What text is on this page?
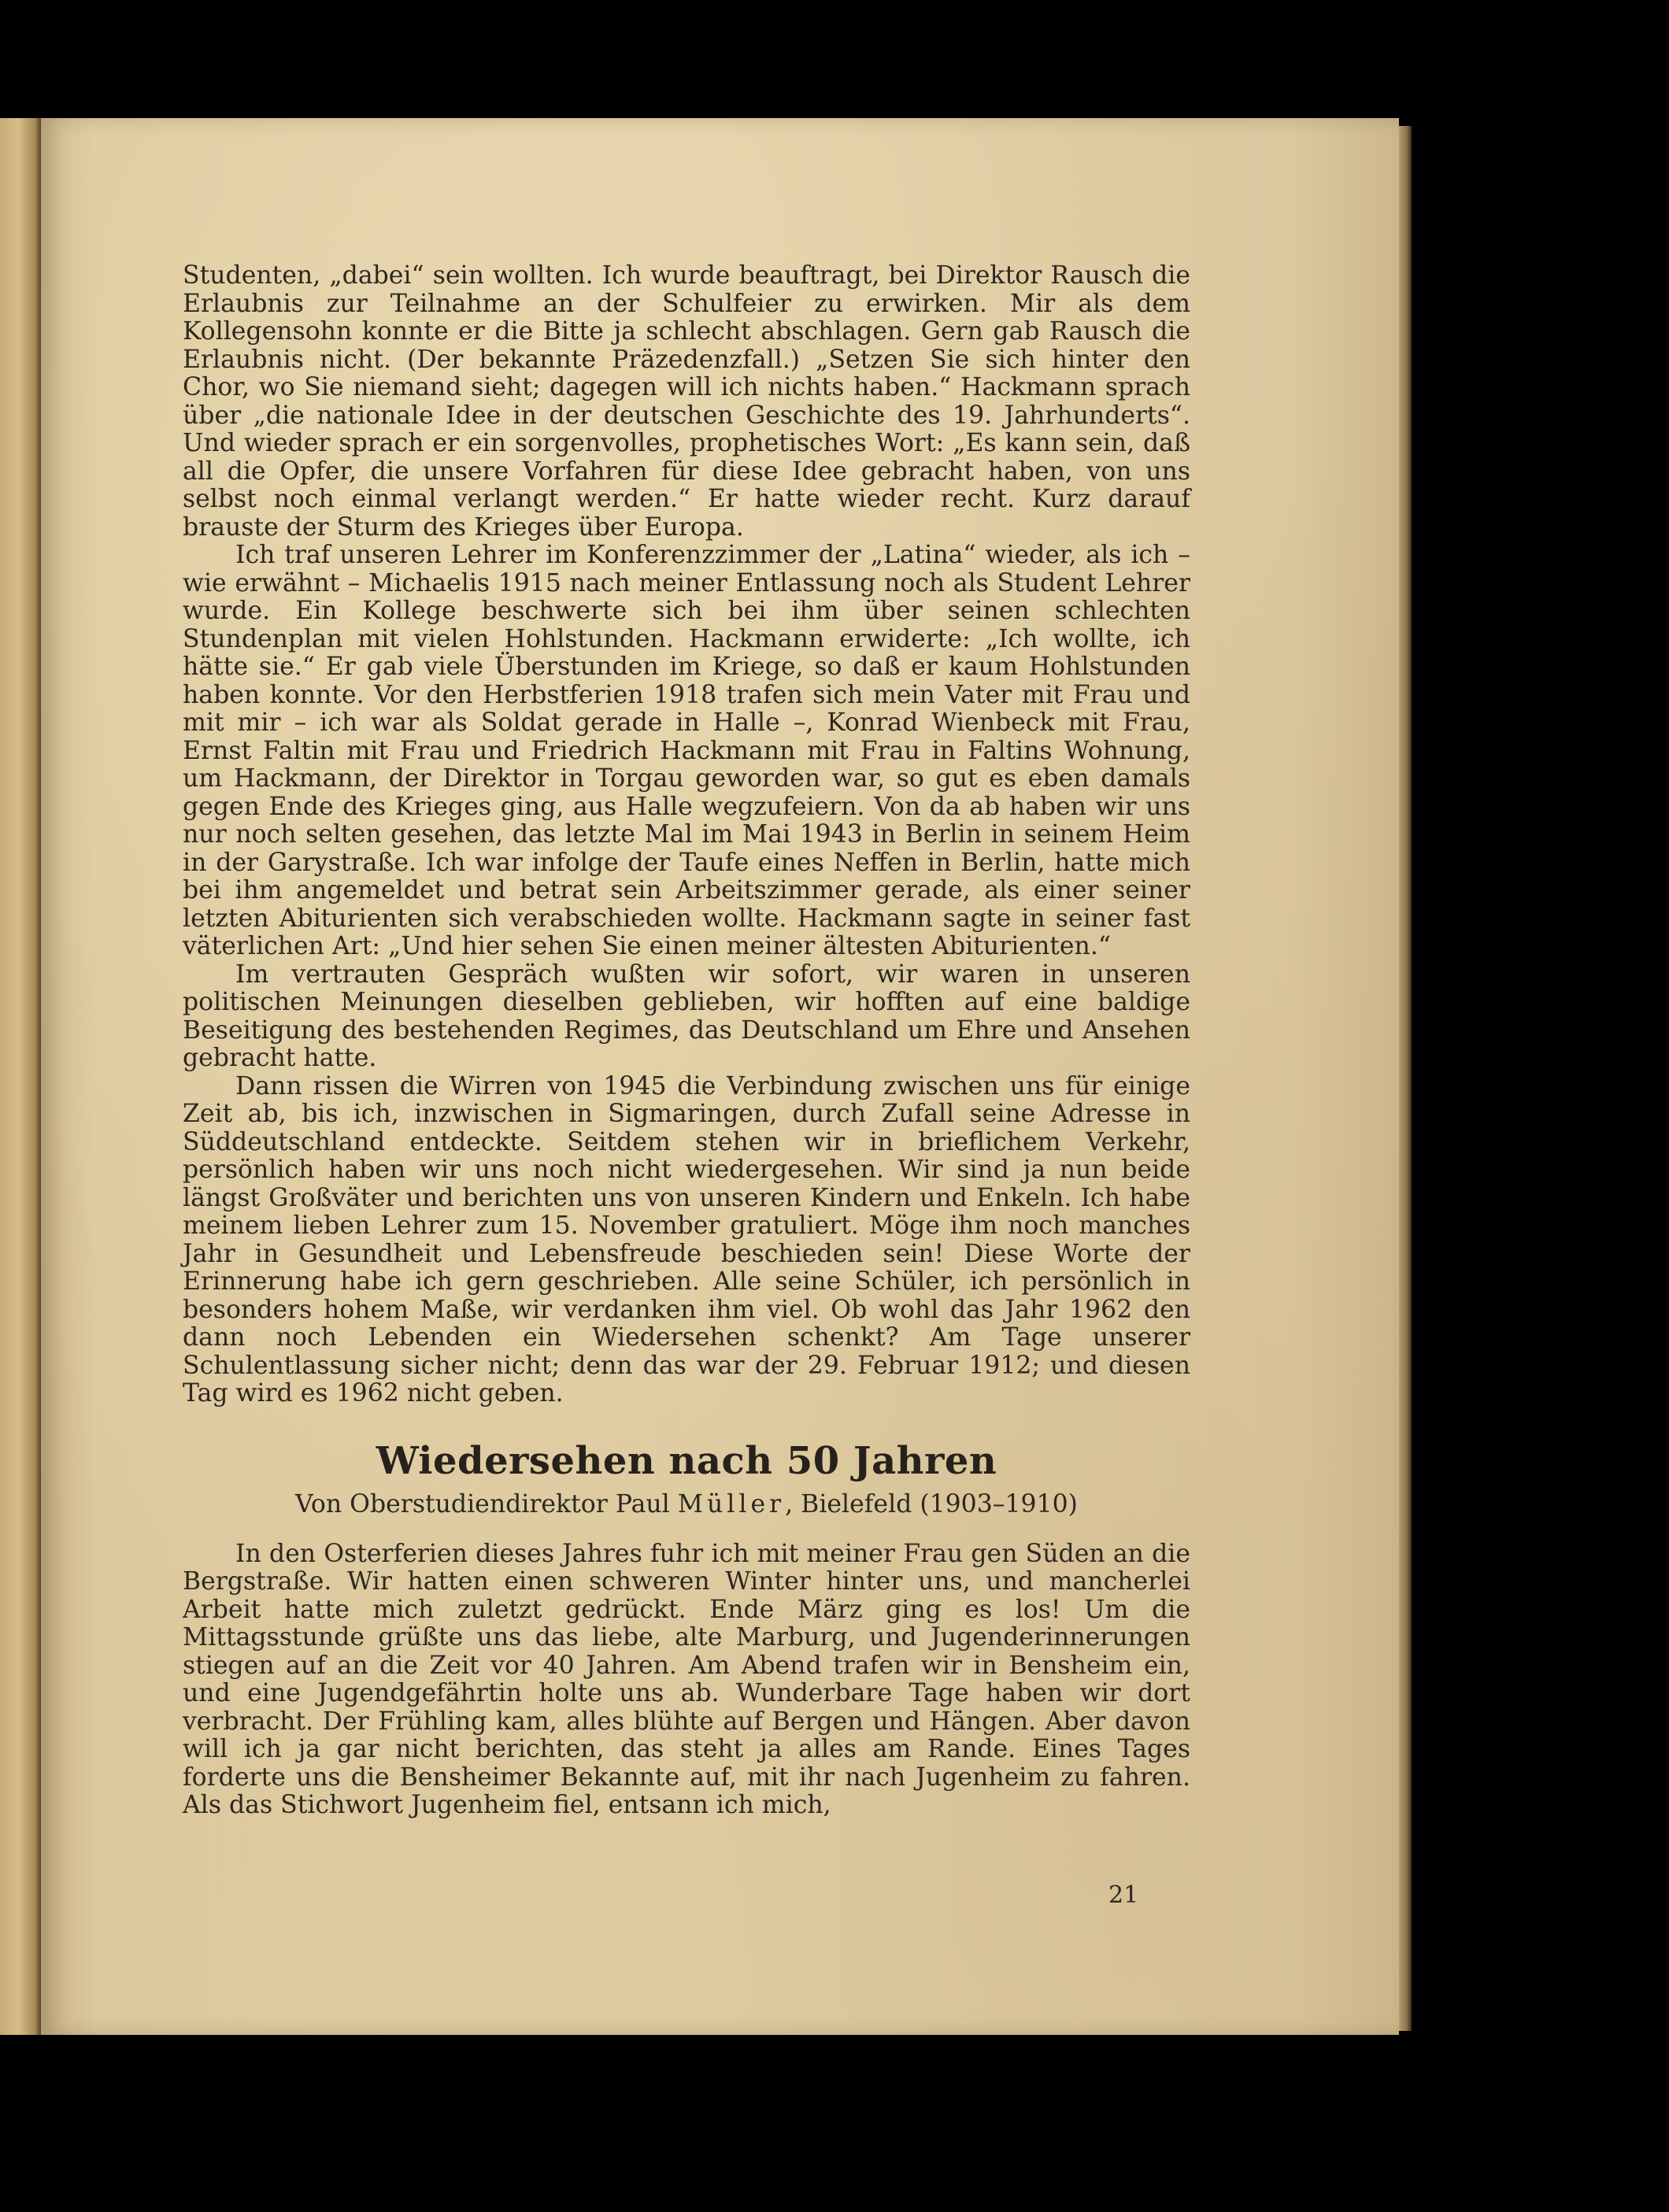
Studenten, „dabei“ sein wollten. Ich wurde beauftragt, bei Direktor Rausch die Erlaubnis zur Teilnahme an der Schulfeier zu erwirken. Mir als dem Kollegensohn konnte er die Bitte ja schlecht abschlagen. Gern gab Rausch die Erlaubnis nicht. (Der bekannte Präzedenzfall.) „Setzen Sie sich hinter den Chor, wo Sie niemand sieht; dagegen will ich nichts haben.“ Hackmann sprach über „die nationale Idee in der deutschen Geschichte des 19. Jahrhunderts“. Und wieder sprach er ein sorgenvolles, prophetisches Wort: „Es kann sein, daß all die Opfer, die unsere Vorfahren für diese Idee gebracht haben, von uns selbst noch einmal verlangt werden.“ Er hatte wieder recht. Kurz darauf brauste der Sturm des Krieges über Europa.

Ich traf unseren Lehrer im Konferenzzimmer der „Latina“ wieder, als ich – wie erwähnt – Michaelis 1915 nach meiner Entlassung noch als Student Lehrer wurde. Ein Kollege beschwerte sich bei ihm über seinen schlechten Stundenplan mit vielen Hohlstunden. Hackmann erwiderte: „Ich wollte, ich hätte sie.“ Er gab viele Überstunden im Kriege, so daß er kaum Hohlstunden haben konnte. Vor den Herbstferien 1918 trafen sich mein Vater mit Frau und mit mir – ich war als Soldat gerade in Halle –, Konrad Wienbeck mit Frau, Ernst Faltin mit Frau und Friedrich Hackmann mit Frau in Faltins Wohnung, um Hackmann, der Direktor in Torgau geworden war, so gut es eben damals gegen Ende des Krieges ging, aus Halle wegzufeiern. Von da ab haben wir uns nur noch selten gesehen, das letzte Mal im Mai 1943 in Berlin in seinem Heim in der Garystraße. Ich war infolge der Taufe eines Neffen in Berlin, hatte mich bei ihm angemeldet und betrat sein Arbeitszimmer gerade, als einer seiner letzten Abiturienten sich verabschieden wollte. Hackmann sagte in seiner fast väterlichen Art: „Und hier sehen Sie einen meiner ältesten Abiturienten.“

Im vertrauten Gespräch wußten wir sofort, wir waren in unseren politischen Meinungen dieselben geblieben, wir hofften auf eine baldige Beseitigung des bestehenden Regimes, das Deutschland um Ehre und Ansehen gebracht hatte.

Dann rissen die Wirren von 1945 die Verbindung zwischen uns für einige Zeit ab, bis ich, inzwischen in Sigmaringen, durch Zufall seine Adresse in Süddeutschland entdeckte. Seitdem stehen wir in brieflichem Verkehr, persönlich haben wir uns noch nicht wiedergesehen. Wir sind ja nun beide längst Großväter und berichten uns von unseren Kindern und Enkeln. Ich habe meinem lieben Lehrer zum 15. November gratuliert. Möge ihm noch manches Jahr in Gesundheit und Lebensfreude beschieden sein! Diese Worte der Erinnerung habe ich gern geschrieben. Alle seine Schüler, ich persönlich in besonders hohem Maße, wir verdanken ihm viel. Ob wohl das Jahr 1962 den dann noch Lebenden ein Wiedersehen schenkt? Am Tage unserer Schulentlassung sicher nicht; denn das war der 29. Februar 1912; und diesen Tag wird es 1962 nicht geben.

Wiedersehen nach 50 Jahren

Von Oberstudiendirektor Paul Müller, Bielefeld (1903–1910)

In den Osterferien dieses Jahres fuhr ich mit meiner Frau gen Süden an die Bergstraße. Wir hatten einen schweren Winter hinter uns, und mancherlei Arbeit hatte mich zuletzt gedrückt. Ende März ging es los! Um die Mittagsstunde grüßte uns das liebe, alte Marburg, und Jugenderinnerungen stiegen auf an die Zeit vor 40 Jahren. Am Abend trafen wir in Bensheim ein, und eine Jugendgefährtin holte uns ab. Wunderbare Tage haben wir dort verbracht. Der Frühling kam, alles blühte auf Bergen und Hängen. Aber davon will ich ja gar nicht berichten, das steht ja alles am Rande. Eines Tages forderte uns die Bensheimer Bekannte auf, mit ihr nach Jugenheim zu fahren. Als das Stichwort Jugenheim fiel, entsann ich mich,

21
